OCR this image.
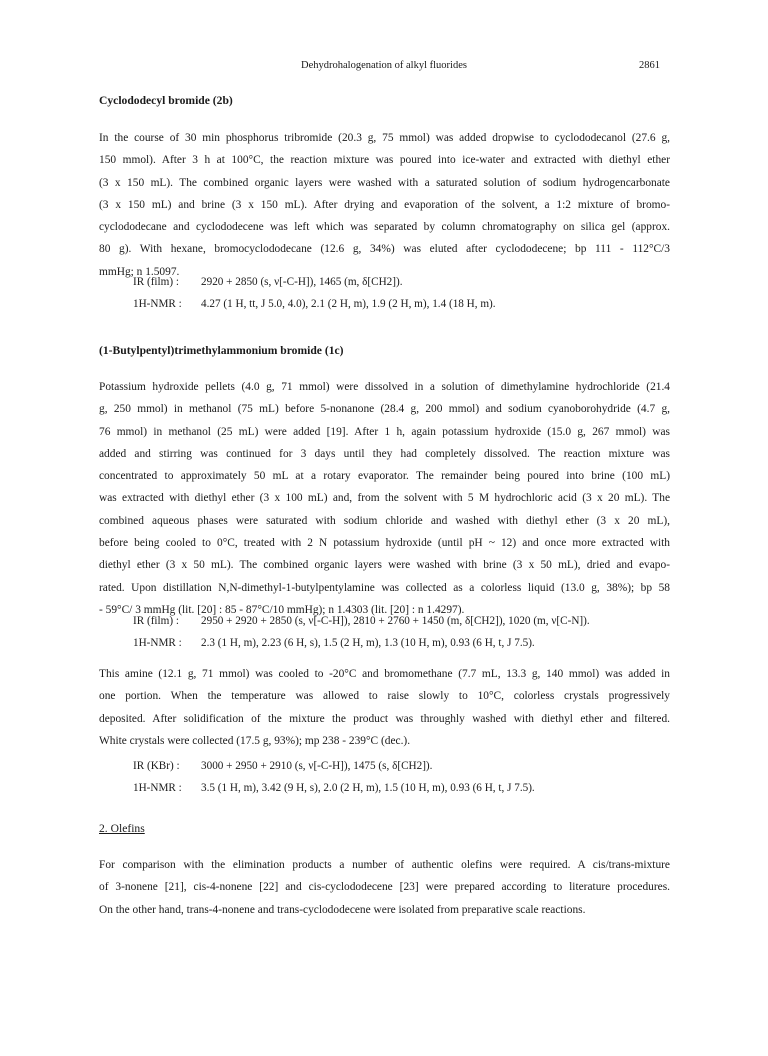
Dehydrohalogenation of alkyl fluorides	2861
Cyclododecyl bromide (2b)
In the course of 30 min phosphorus tribromide (20.3 g, 75 mmol) was added dropwise to cyclododecanol (27.6 g,
150 mmol). After 3 h at 100°C, the reaction mixture was poured into ice-water and extracted with diethyl ether
(3 x 150 mL). The combined organic layers were washed with a saturated solution of sodium hydrogencarbonate
(3 x 150 mL) and brine (3 x 150 mL). After drying and evaporation of the solvent, a 1:2 mixture of bromo-
cyclododecane and cyclododecene was left which was separated by column chromatography on silica gel (approx.
80 g). With hexane, bromocyclododecane (12.6 g, 34%) was eluted after cyclododecene; bp 111 - 112°C/3
mmHg; n 1.5097.
IR (film) : 2920 + 2850 (s, ν[-C-H]), 1465 (m, δ[CH2]).
1H-NMR : 4.27 (1 H, tt, J 5.0, 4.0), 2.1 (2 H, m), 1.9 (2 H, m), 1.4 (18 H, m).
(1-Butylpentyl)trimethylammonium bromide (1c)
Potassium hydroxide pellets (4.0 g, 71 mmol) were dissolved in a solution of dimethylamine hydrochloride (21.4
g, 250 mmol) in methanol (75 mL) before 5-nonanone (28.4 g, 200 mmol) and sodium cyanoborohydride (4.7 g,
76 mmol) in methanol (25 mL) were added [19]. After 1 h, again potassium hydroxide (15.0 g, 267 mmol) was
added and stirring was continued for 3 days until they had completely dissolved. The reaction mixture was
concentrated to approximately 50 mL at a rotary evaporator. The remainder being poured into brine (100 mL)
was extracted with diethyl ether (3 x 100 mL) and, from the solvent with 5 M hydrochloric acid (3 x 20 mL). The
combined aqueous phases were saturated with sodium chloride and washed with diethyl ether (3 x 20 mL),
before being cooled to 0°C, treated with 2 N potassium hydroxide (until pH ~ 12) and once more extracted with
diethyl ether (3 x 50 mL). The combined organic layers were washed with brine (3 x 50 mL), dried and evapo-
rated. Upon distillation N,N-dimethyl-1-butylpentylamine was collected as a colorless liquid (13.0 g, 38%); bp 58
- 59°C/ 3 mmHg (lit. [20] : 85 - 87°C/10 mmHg); n 1.4303 (lit. [20] : n 1.4297).
IR (film) : 2950 + 2920 + 2850 (s, ν[-C-H]), 2810 + 2760 + 1450 (m, δ[CH2]), 1020 (m, ν[C-N]).
1H-NMR : 2.3 (1 H, m), 2.23 (6 H, s), 1.5 (2 H, m), 1.3 (10 H, m), 0.93 (6 H, t, J 7.5).
This amine (12.1 g, 71 mmol) was cooled to -20°C and bromomethane (7.7 mL, 13.3 g, 140 mmol) was added in
one portion. When the temperature was allowed to raise slowly to 10°C, colorless crystals progressively
deposited. After solidification of the mixture the product was throughly washed with diethyl ether and filtered.
White crystals were collected (17.5 g, 93%); mp 238 - 239°C (dec.).
IR (KBr) : 3000 + 2950 + 2910 (s, ν[-C-H]), 1475 (s, δ[CH2]).
1H-NMR : 3.5 (1 H, m), 3.42 (9 H, s), 2.0 (2 H, m), 1.5 (10 H, m), 0.93 (6 H, t, J 7.5).
2. Olefins
For comparison with the elimination products a number of authentic olefins were required. A cis/trans-mixture
of 3-nonene [21], cis-4-nonene [22] and cis-cyclododecene [23] were prepared according to literature procedures.
On the other hand, trans-4-nonene and trans-cyclododecene were isolated from preparative scale reactions.
